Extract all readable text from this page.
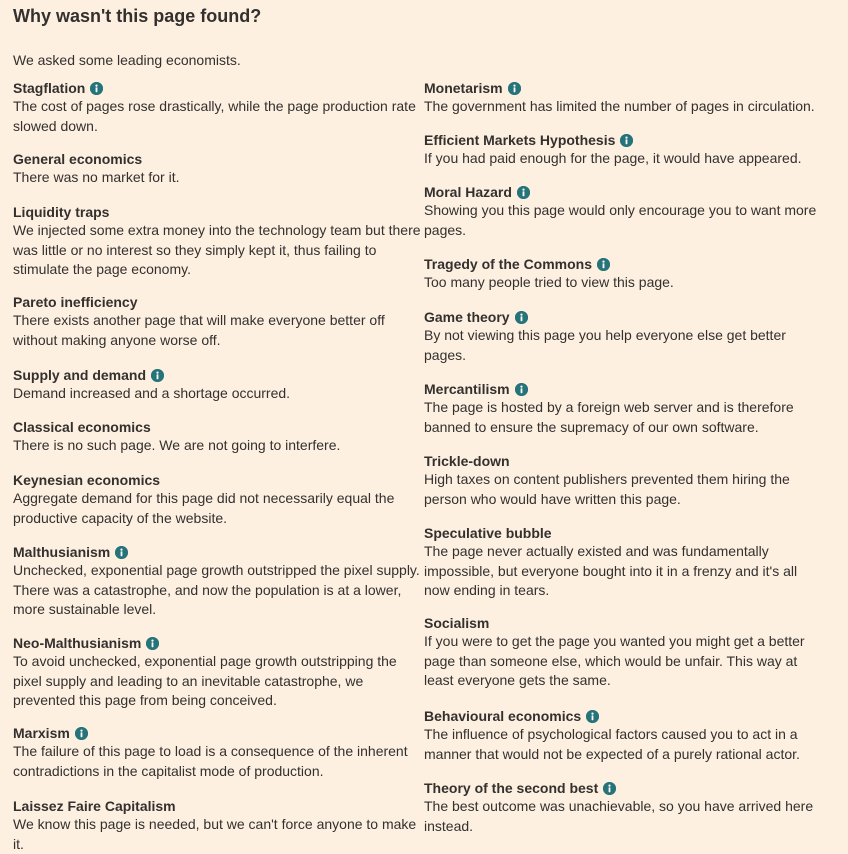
Why wasn't this page found?

We asked some leading economists.

Stagflation
The cost of pages rose drastically, while the page production rate slowed down.
General economics
There was no market for it.
Liquidity traps
We injected some extra money into the technology team but there was little or no interest so they simply kept it, thus failing to stimulate the page economy.
Pareto inefficiency
There exists another page that will make everyone better off without making anyone worse off.
Supply and demand
Demand increased and a shortage occurred.
Classical economics
There is no such page. We are not going to interfere.
Keynesian economics
Aggregate demand for this page did not necessarily equal the productive capacity of the website.
Malthusianism
Unchecked, exponential page growth outstripped the pixel supply. There was a catastrophe, and now the population is at a lower, more sustainable level.
Neo-Malthusianism
To avoid unchecked, exponential page growth outstripping the pixel supply and leading to an inevitable catastrophe, we prevented this page from being conceived.
Marxism
The failure of this page to load is a consequence of the inherent contradictions in the capitalist mode of production.
Laissez Faire Capitalism
We know this page is needed, but we can't force anyone to make it.
Monetarism
The government has limited the number of pages in circulation.
Efficient Markets Hypothesis
If you had paid enough for the page, it would have appeared.
Moral Hazard
Showing you this page would only encourage you to want more pages.
Tragedy of the Commons
Too many people tried to view this page.
Game theory
By not viewing this page you help everyone else get better pages.
Mercantilism
The page is hosted by a foreign web server and is therefore banned to ensure the supremacy of our own software.
Trickle-down
High taxes on content publishers prevented them hiring the person who would have written this page.
Speculative bubble
The page never actually existed and was fundamentally impossible, but everyone bought into it in a frenzy and it's all now ending in tears.
Socialism
If you were to get the page you wanted you might get a better page than someone else, which would be unfair. This way at least everyone gets the same.
Behavioural economics
The influence of psychological factors caused you to act in a manner that would not be expected of a purely rational actor.
Theory of the second best
The best outcome was unachievable, so you have arrived here instead.
